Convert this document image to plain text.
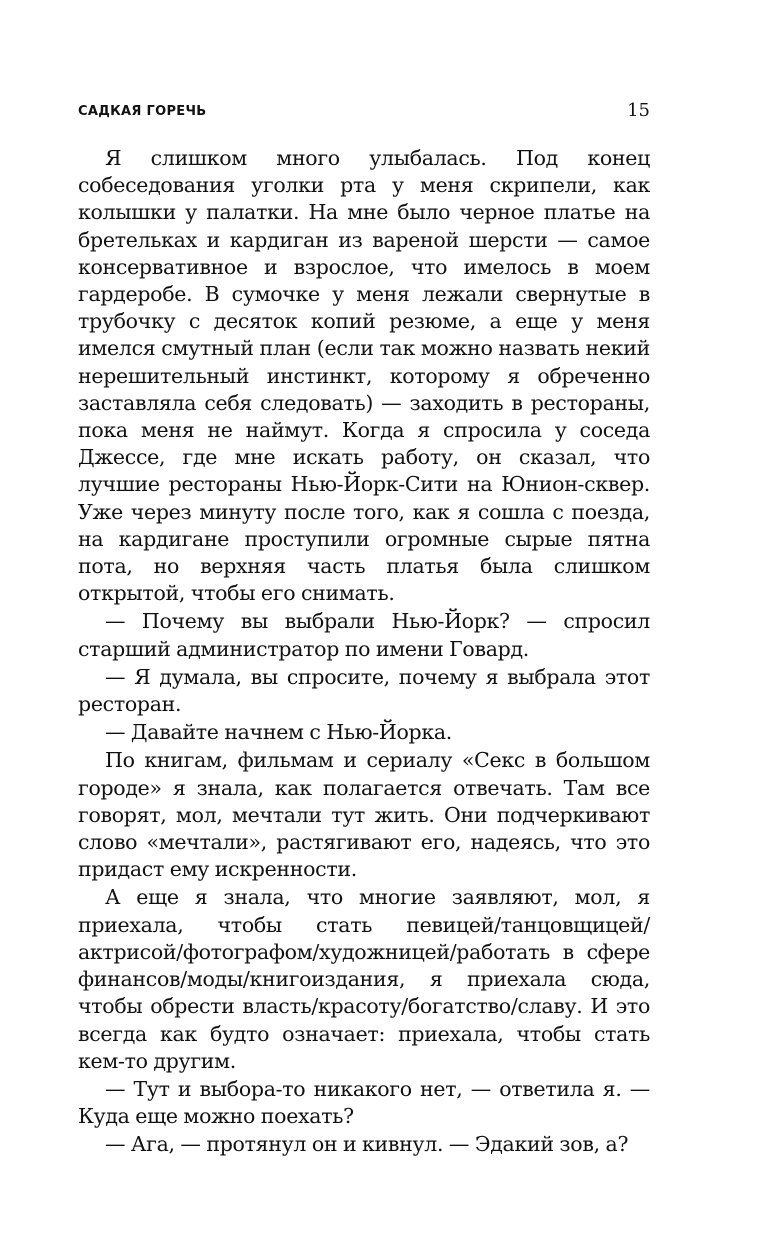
САДКАЯ ГОРЕЧЬ	15

Я слишком много улыбалась. Под конец собеседования уголки рта у меня скрипели, как колышки у палатки. На мне было черное платье на бретельках и кардиган из вареной шерсти — самое консервативное и взрослое, что имелось в моем гардеробе. В сумочке у меня лежали свернутые в трубочку с десяток копий резюме, а еще у меня имелся смутный план (если так можно назвать некий нерешительный инстинкт, которому я обреченно заставляла себя следовать) — заходить в рестораны, пока меня не наймут. Когда я спросила у соседа Джессе, где мне искать работу, он сказал, что лучшие рестораны Нью-Йорк-Сити на Юнион-сквер. Уже через минуту после того, как я сошла с поезда, на кардигане проступили огромные сырые пятна пота, но верхняя часть платья была слишком открытой, чтобы его снимать.

— Почему вы выбрали Нью-Йорк? — спросил старший администратор по имени Говард.

— Я думала, вы спросите, почему я выбрала этот ресторан.

— Давайте начнем с Нью-Йорка.

По книгам, фильмам и сериалу «Секс в большом городе» я знала, как полагается отвечать. Там все говорят, мол, мечтали тут жить. Они подчеркивают слово «мечтали», растягивают его, надеясь, что это придаст ему искренности.

А еще я знала, что многие заявляют, мол, я приехала, чтобы стать певицей/танцовщицей/актрисой/фотографом/художницей/работать в сфере финансов/моды/книгоиздания, я приехала сюда, чтобы обрести власть/красоту/богатство/славу. И это всегда как будто означает: приехала, чтобы стать кем-то другим.

— Тут и выбора-то никакого нет, — ответила я. — Куда еще можно поехать?

— Ага, — протянул он и кивнул. — Эдакий зов, а?
